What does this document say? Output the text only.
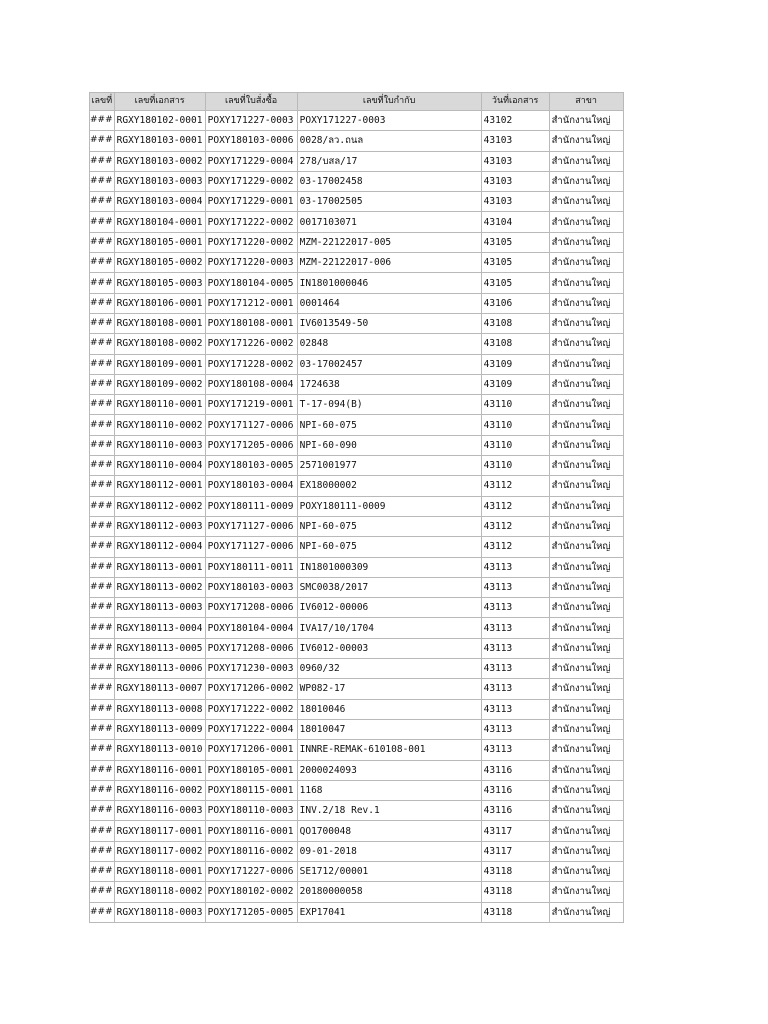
เลขที่	เลขที่เอกสาร	เลขที่ใบสั่งซื้อ	เลขที่ใบกำกับ	วันที่เอกสาร	สาขา
###	RGXY180102-0001	POXY171227-0003	POXY171227-0003	43102	สำนักงานใหญ่
###	RGXY180103-0001	POXY180103-0006	0028/ลว.ถนล	43103	สำนักงานใหญ่
###	RGXY180103-0002	POXY171229-0004	278/บสล/17	43103	สำนักงานใหญ่
###	RGXY180103-0003	POXY171229-0002	03-17002458	43103	สำนักงานใหญ่
###	RGXY180103-0004	POXY171229-0001	03-17002505	43103	สำนักงานใหญ่
###	RGXY180104-0001	POXY171222-0002	0017103071	43104	สำนักงานใหญ่
###	RGXY180105-0001	POXY171220-0002	MZM-22122017-005	43105	สำนักงานใหญ่
###	RGXY180105-0002	POXY171220-0003	MZM-22122017-006	43105	สำนักงานใหญ่
###	RGXY180105-0003	POXY180104-0005	IN1801000046	43105	สำนักงานใหญ่
###	RGXY180106-0001	POXY171212-0001	0001464	43106	สำนักงานใหญ่
###	RGXY180108-0001	POXY180108-0001	IV6013549-50	43108	สำนักงานใหญ่
###	RGXY180108-0002	POXY171226-0002	02848	43108	สำนักงานใหญ่
###	RGXY180109-0001	POXY171228-0002	03-17002457	43109	สำนักงานใหญ่
###	RGXY180109-0002	POXY180108-0004	1724638	43109	สำนักงานใหญ่
###	RGXY180110-0001	POXY171219-0001	T-17-094(B)	43110	สำนักงานใหญ่
###	RGXY180110-0002	POXY171127-0006	NPI-60-075	43110	สำนักงานใหญ่
###	RGXY180110-0003	POXY171205-0006	NPI-60-090	43110	สำนักงานใหญ่
###	RGXY180110-0004	POXY180103-0005	2571001977	43110	สำนักงานใหญ่
###	RGXY180112-0001	POXY180103-0004	EX18000002	43112	สำนักงานใหญ่
###	RGXY180112-0002	POXY180111-0009	POXY180111-0009	43112	สำนักงานใหญ่
###	RGXY180112-0003	POXY171127-0006	NPI-60-075	43112	สำนักงานใหญ่
###	RGXY180112-0004	POXY171127-0006	NPI-60-075	43112	สำนักงานใหญ่
###	RGXY180113-0001	POXY180111-0011	IN1801000309	43113	สำนักงานใหญ่
###	RGXY180113-0002	POXY180103-0003	SMC0038/2017	43113	สำนักงานใหญ่
###	RGXY180113-0003	POXY171208-0006	IV6012-00006	43113	สำนักงานใหญ่
###	RGXY180113-0004	POXY180104-0004	IVA17/10/1704	43113	สำนักงานใหญ่
###	RGXY180113-0005	POXY171208-0006	IV6012-00003	43113	สำนักงานใหญ่
###	RGXY180113-0006	POXY171230-0003	0960/32	43113	สำนักงานใหญ่
###	RGXY180113-0007	POXY171206-0002	WP082-17	43113	สำนักงานใหญ่
###	RGXY180113-0008	POXY171222-0002	18010046	43113	สำนักงานใหญ่
###	RGXY180113-0009	POXY171222-0004	18010047	43113	สำนักงานใหญ่
###	RGXY180113-0010	POXY171206-0001	INNRE-REMAK-610108-001	43113	สำนักงานใหญ่
###	RGXY180116-0001	POXY180105-0001	2000024093	43116	สำนักงานใหญ่
###	RGXY180116-0002	POXY180115-0001	1168	43116	สำนักงานใหญ่
###	RGXY180116-0003	POXY180110-0003	INV.2/18 Rev.1	43116	สำนักงานใหญ่
###	RGXY180117-0001	POXY180116-0001	QO1700048	43117	สำนักงานใหญ่
###	RGXY180117-0002	POXY180116-0002	09-01-2018	43117	สำนักงานใหญ่
###	RGXY180118-0001	POXY171227-0006	SE1712/00001	43118	สำนักงานใหญ่
###	RGXY180118-0002	POXY180102-0002	20180000058	43118	สำนักงานใหญ่
###	RGXY180118-0003	POXY171205-0005	EXP17041	43118	สำนักงานใหญ่
